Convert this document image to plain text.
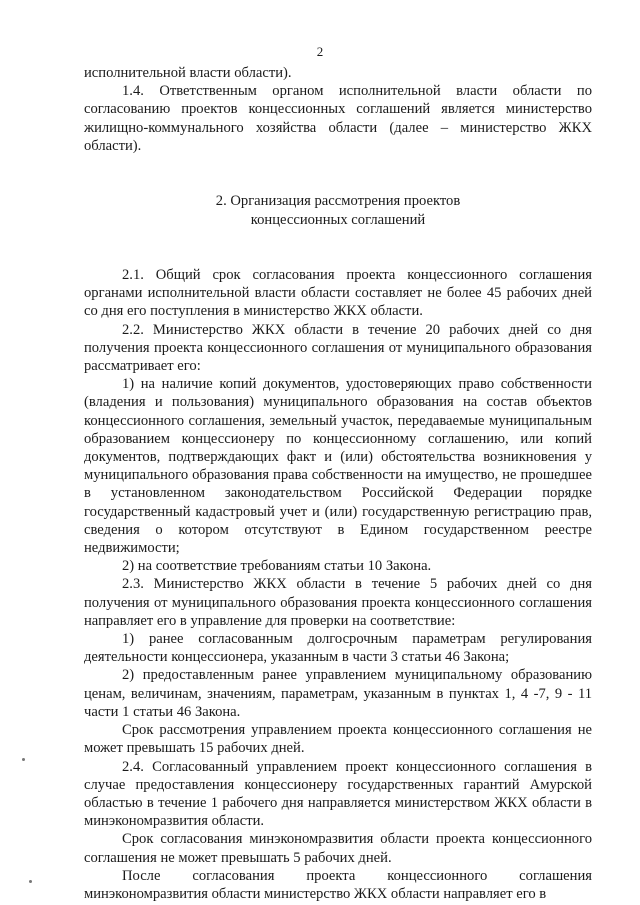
2

исполнительной власти области).

1.4. Ответственным органом исполнительной власти области по согласованию проектов концессионных соглашений является министерство жилищно-коммунального хозяйства области (далее – министерство ЖКХ области).

2. Организация рассмотрения проектов
концессионных соглашений

2.1. Общий срок согласования проекта концессионного соглашения органами исполнительной власти области составляет не более 45 рабочих дней со дня его поступления в министерство ЖКХ области.

2.2. Министерство ЖКХ области в течение 20 рабочих дней со дня получения проекта концессионного соглашения от муниципального образования рассматривает его:

1) на наличие копий документов, удостоверяющих право собственности (владения и пользования) муниципального образования на состав объектов концессионного соглашения, земельный участок, передаваемые муниципальным образованием концессионеру по концессионному соглашению, или копий документов, подтверждающих факт и (или) обстоятельства возникновения у муниципального образования права собственности на имущество, не прошедшее в установленном законодательством Российской Федерации порядке государственный кадастровый учет и (или) государственную регистрацию прав, сведения о котором отсутствуют в Едином государственном реестре недвижимости;

2) на соответствие требованиям статьи 10 Закона.

2.3. Министерство ЖКХ области в течение 5 рабочих дней со дня получения от муниципального образования проекта концессионного соглашения направляет его в управление для проверки на соответствие:

1) ранее согласованным долгосрочным параметрам регулирования деятельности концессионера, указанным в части 3 статьи 46 Закона;

2) предоставленным ранее управлением муниципальному образованию ценам, величинам, значениям, параметрам, указанным в пунктах 1, 4 -7, 9 - 11 части 1 статьи 46 Закона.

Срок рассмотрения управлением проекта концессионного соглашения не может превышать 15 рабочих дней.

2.4. Согласованный управлением проект концессионного соглашения в случае предоставления концессионеру государственных гарантий Амурской областью в течение 1 рабочего дня направляется министерством ЖКХ области в минэкономразвития области.

Срок согласования минэкономразвития области проекта концессионного соглашения не может превышать 5 рабочих дней.

После согласования проекта концессионного соглашения минэкономразвития области министерство ЖКХ области направляет его в
